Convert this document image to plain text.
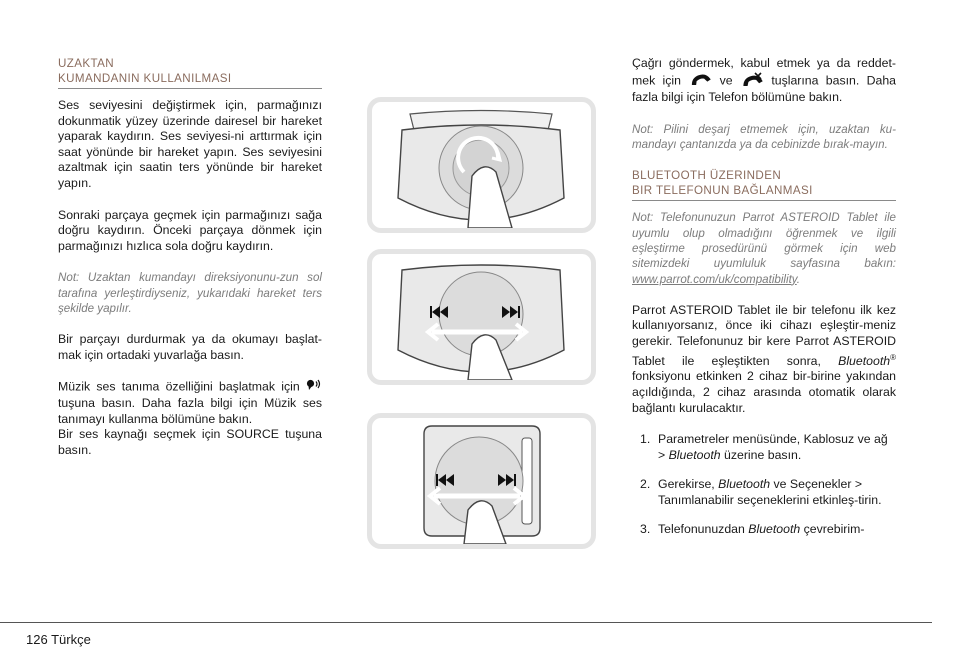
UZAKTAN
KUMANDANIN KULLANILMASI

Ses seviyesini değiştirmek için, parmağınızı dokunmatik yüzey üzerinde dairesel bir hareket yaparak kaydırın. Ses seviyesi-ni arttırmak için saat yönünde bir hareket yapın. Ses seviyesini azaltmak için saatin ters yönünde bir hareket yapın.

Sonraki parçaya geçmek için parmağınızı sağa doğru kaydırın. Önceki parçaya dönmek için parmağınızı hızlıca sola doğru kaydırın.

Not: Uzaktan kumandayı direksiyonunu-zun sol tarafına yerleştirdiyseniz, yukarıdaki hareket ters şekilde yapılır.

Bir parçayı durdurmak ya da okumayı başlat-mak için ortadaki yuvarlağa basın.

Müzik ses tanıma özelliğini başlatmak için  tuşuna basın. Daha fazla bilgi için Müzik ses tanımayı kullanma bölümüne bakın.

Bir ses kaynağı seçmek için SOURCE tuşuna basın.

Çağrı göndermek, kabul etmek ya da reddet-mek için	ve	tuşlarına basın. Daha fazla bilgi için Telefon bölümüne bakın.

Not: Pilini deşarj etmemek için, uzaktan ku-mandayı çantanızda ya da cebinizde bırak-mayın.

BLUETOOTH ÜZERINDEN
BIR TELEFONUN BAĞLANMASI

Not: Telefonunuzun Parrot ASTEROID Tablet ile uyumlu olup olmadığını öğrenmek ve ilgili eşleştirme prosedürünü görmek için web sitemizdeki uyumluluk sayfasına bakın: www.parrot.com/uk/compatibility.

Parrot ASTEROID Tablet ile bir telefonu ilk kez kullanıyorsanız, önce iki cihazı eşleştir-meniz gerekir. Telefonunuz bir kere Parrot ASTEROID Tablet ile eşleştikten sonra, Bluetooth® fonksiyonu etkinken 2 cihaz bir-birine yakından açıldığında, 2 cihaz arasında otomatik olarak bağlantı kurulacaktır.

1. Parametreler menüsünde, Kablosuz ve ağ > Bluetooth üzerine basın.
2. Gerekirse, Bluetooth ve Seçenekler > Tanımlanabilir seçeneklerini etkinleş-tirin.
3. Telefonunuzdan Bluetooth çevrebirim-
126 Türkçe
